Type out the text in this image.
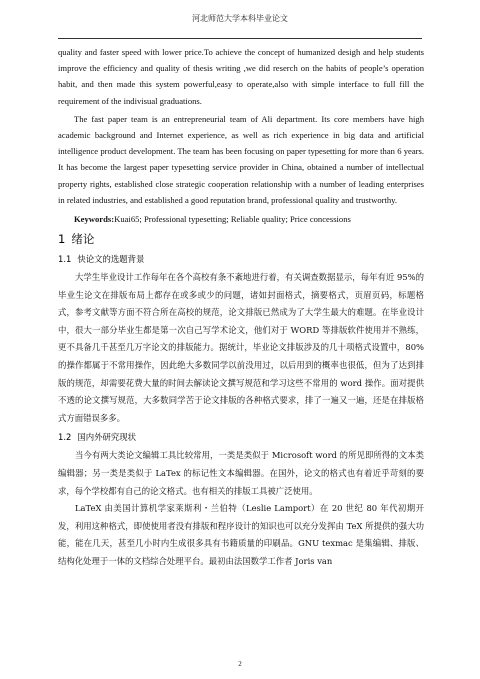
河北师范大学本科毕业论文

quality and faster speed with lower price.To achieve the concept of humanized desigh and help students improve the efficiency and quality of thesis writing ,we did reserch on the habits of people’s operation habit, and then made this system powerful,easy to operate,also with simple interface to full fill the requirement of the indivisual graduations.

The fast paper team is an entrepreneurial team of Ali department. Its core members have high academic background and Internet experience, as well as rich experience in big data and artificial intelligence product development. The team has been focusing on paper typesetting for more than 6 years. It has become the largest paper typesetting service provider in China, obtained a number of intellectual property rights, established close strategic cooperation relationship with a number of leading enterprises in related industries, and established a good reputation brand, professional quality and trustworthy.

Keywords:Kuai65; Professional typesetting; Reliable quality; Price concessions

1 绪论
1.1 快论文的选题背景

大学生毕业设计工作每年在各个高校有条不紊地进行着，有关调查数据显示，每年有近 95%的毕业生论文在排版布局上都存在或多或少的问题，诸如封面格式，摘要格式，页眉页码，标题格式，参考文献等方面不符合所在高校的规范，论文排版已然成为了大学生最大的难题。在毕业设计中，很大一部分毕业生都是第一次自己写学术论文，他们对于 WORD 等排版软件使用并不熟练，更不具备几千甚至几万字论文的排版能力。据统计，毕业论文排版涉及的几十项格式设置中，80%的操作都属于不常用操作，因此绝大多数同学以前没用过，以后用到的概率也很低，但为了达到排版的规范，却需要花费大量的时间去解读论文撰写规范和学习这些不常用的 word 操作。面对提供不透的论文撰写规范，大多数同学苦于论文排版的各种格式要求，排了一遍又一遍，还是在排版格式方面错误多多。

1.2 国内外研究现状

当今有两大类论文编辑工具比较常用，一类是类似于 Microsoft word 的所见即所得的文本类编辑器；另一类是类似于 LaTex 的标记性文本编辑器。在国外，论文的格式也有着近乎苛刻的要求，每个学校都有自己的论文格式。也有相关的排版工具被广泛使用。

LaTeX 由美国计算机学家莱斯利・兰伯特（Leslie Lamport）在 20 世纪 80 年代初期开发，利用这种格式，即使使用者没有排版和程序设计的知识也可以充分发挥由 TeX 所提供的强大功能，能在几天，甚至几小时内生成很多具有书籍质量的印刷品。GNU texmac 是集编辑、排版、结构化处理于一体的文档综合处理平台。最初由法国数学工作者 Joris van

2
